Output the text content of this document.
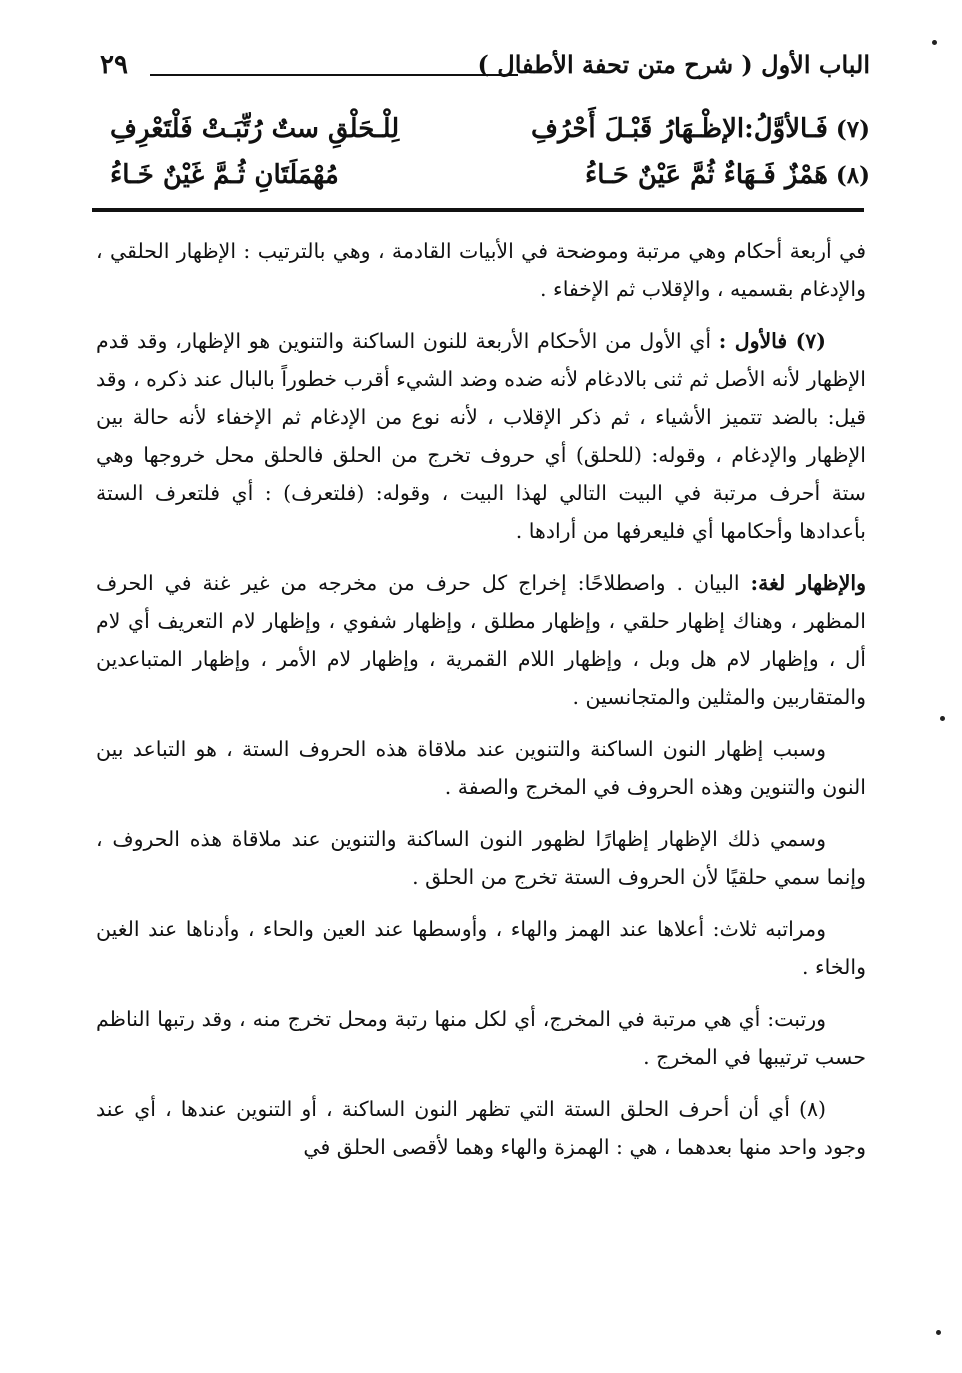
٢٩	الباب الأول ( شرح متن تحفة الأطفال )
(٧)
فَـالأوَّلُ:الإظْـهَارُ قَبْـلَ أَحْرُفِ
لِلْـحَلْقِ ستٌ رُتِّبَـتْ فَلْتَعْرِفِ
(٨)
هَمْزٌ فَـهَاءٌ ثُمَّ عَيْنٌ حَـاءُ
مُهْمَلَتَانِ ثُـمَّ غَيْنٌ خَـاءُ

في أربعة أحكام وهي مرتبة وموضحة في الأبيات القادمة ، وهي بالترتيب : الإظهار الحلقي ، والإدغام بقسميه ، والإقلاب ثم الإخفاء .

(٧) فالأول : أي الأول من الأحكام الأربعة للنون الساكنة والتنوين هو الإظهار، وقد قدم الإظهار لأنه الأصل ثم ثنى بالادغام لأنه ضده وضد الشيء أقرب خطوراً بالبال عند ذكره ، وقد قيل: بالضد تتميز الأشياء ، ثم ذكر الإقلاب ، لأنه نوع من الإدغام ثم الإخفاء لأنه حالة بين الإظهار والإدغام ، وقوله: (للحلق) أي حروف تخرج من الحلق فالحلق محل خروجها وهي ستة أحرف مرتبة في البيت التالي لهذا البيت ، وقوله: (فلتعرف) : أي فلتعرف الستة بأعدادها وأحكامها أي فليعرفها من أرادها .

والإظهار لغة: البيان . واصطلاحًا: إخراج كل حرف من مخرجه من غير غنة في الحرف المظهر ، وهناك إظهار حلقي ، وإظهار مطلق ، وإظهار شفوي ، وإظهار لام التعريف أي لام أل ، وإظهار لام هل وبل ، وإظهار اللام القمرية ، وإظهار لام الأمر ، وإظهار المتباعدين والمتقاربين والمثلين والمتجانسين .

وسبب إظهار النون الساكنة والتنوين عند ملاقاة هذه الحروف الستة ، هو التباعد بين النون والتنوين وهذه الحروف في المخرج والصفة .

وسمي ذلك الإظهار إظهارًا لظهور النون الساكنة والتنوين عند ملاقاة هذه الحروف ، وإنما سمي حلقيًا لأن الحروف الستة تخرج من الحلق .

ومراتبه ثلاث: أعلاها عند الهمز والهاء ، وأوسطها عند العين والحاء ، وأدناها عند الغين والخاء .

ورتبت: أي هي مرتبة في المخرج، أي لكل منها رتبة ومحل تخرج منه ، وقد رتبها الناظم حسب ترتيبها في المخرج .

(٨) أي أن أحرف الحلق الستة التي تظهر النون الساكنة ، أو التنوين عندها ، أي عند وجود واحد منها بعدهما ، هي : الهمزة والهاء وهما لأقصى الحلق في
